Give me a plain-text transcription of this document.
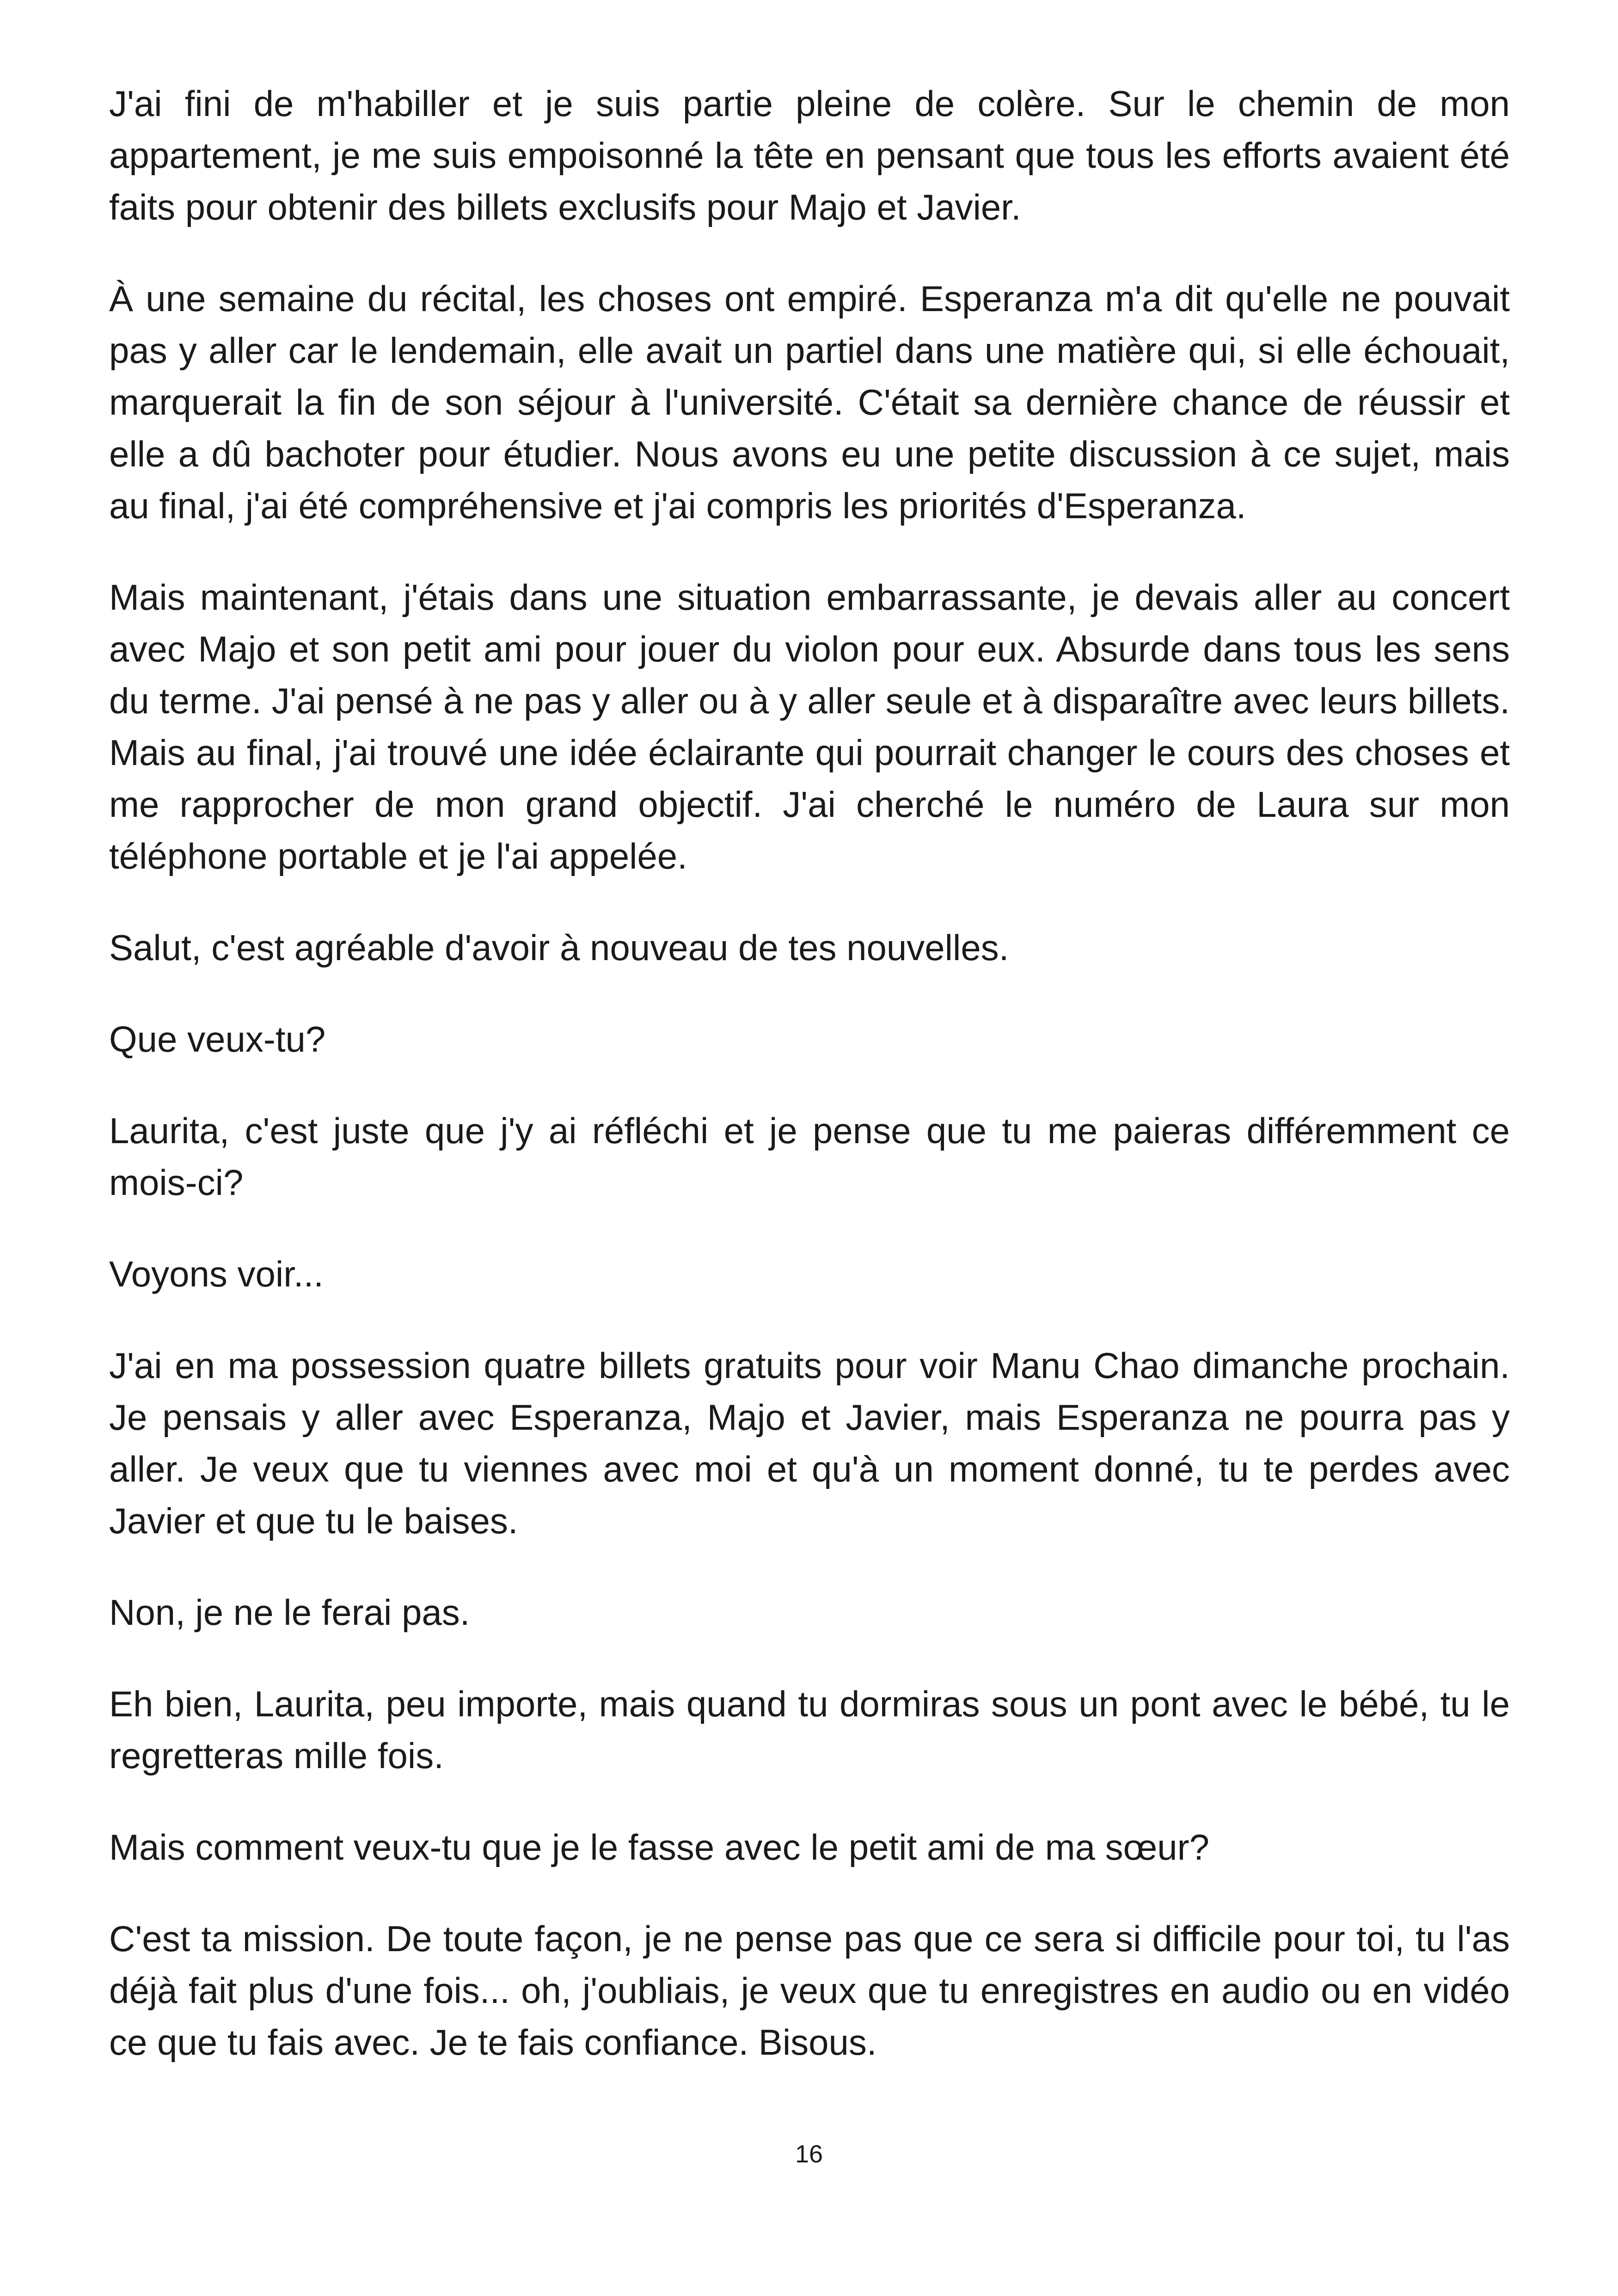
J'ai fini de m'habiller et je suis partie pleine de colère. Sur le chemin de mon appartement, je me suis empoisonné la tête en pensant que tous les efforts avaient été faits pour obtenir des billets exclusifs pour Majo et Javier.

À une semaine du récital, les choses ont empiré. Esperanza m'a dit qu'elle ne pouvait pas y aller car le lendemain, elle avait un partiel dans une matière qui, si elle échouait, marquerait la fin de son séjour à l'université. C'était sa dernière chance de réussir et elle a dû bachoter pour étudier. Nous avons eu une petite discussion à ce sujet, mais au final, j'ai été compréhensive et j'ai compris les priorités d'Esperanza.

Mais maintenant, j'étais dans une situation embarrassante, je devais aller au concert avec Majo et son petit ami pour jouer du violon pour eux. Absurde dans tous les sens du terme. J'ai pensé à ne pas y aller ou à y aller seule et à disparaître avec leurs billets. Mais au final, j'ai trouvé une idée éclairante qui pourrait changer le cours des choses et me rapprocher de mon grand objectif. J'ai cherché le numéro de Laura sur mon téléphone portable et je l'ai appelée.

Salut, c'est agréable d'avoir à nouveau de tes nouvelles.

Que veux-tu?

Laurita, c'est juste que j'y ai réfléchi et je pense que tu me paieras différemment ce mois-ci?

Voyons voir...

J'ai en ma possession quatre billets gratuits pour voir Manu Chao dimanche prochain. Je pensais y aller avec Esperanza, Majo et Javier, mais Esperanza ne pourra pas y aller. Je veux que tu viennes avec moi et qu'à un moment donné, tu te perdes avec Javier et que tu le baises.

Non, je ne le ferai pas.

Eh bien, Laurita, peu importe, mais quand tu dormiras sous un pont avec le bébé, tu le regretteras mille fois.

Mais comment veux-tu que je le fasse avec le petit ami de ma sœur?

C'est ta mission. De toute façon, je ne pense pas que ce sera si difficile pour toi, tu l'as déjà fait plus d'une fois... oh, j'oubliais, je veux que tu enregistres en audio ou en vidéo ce que tu fais avec. Je te fais confiance. Bisous.

16
